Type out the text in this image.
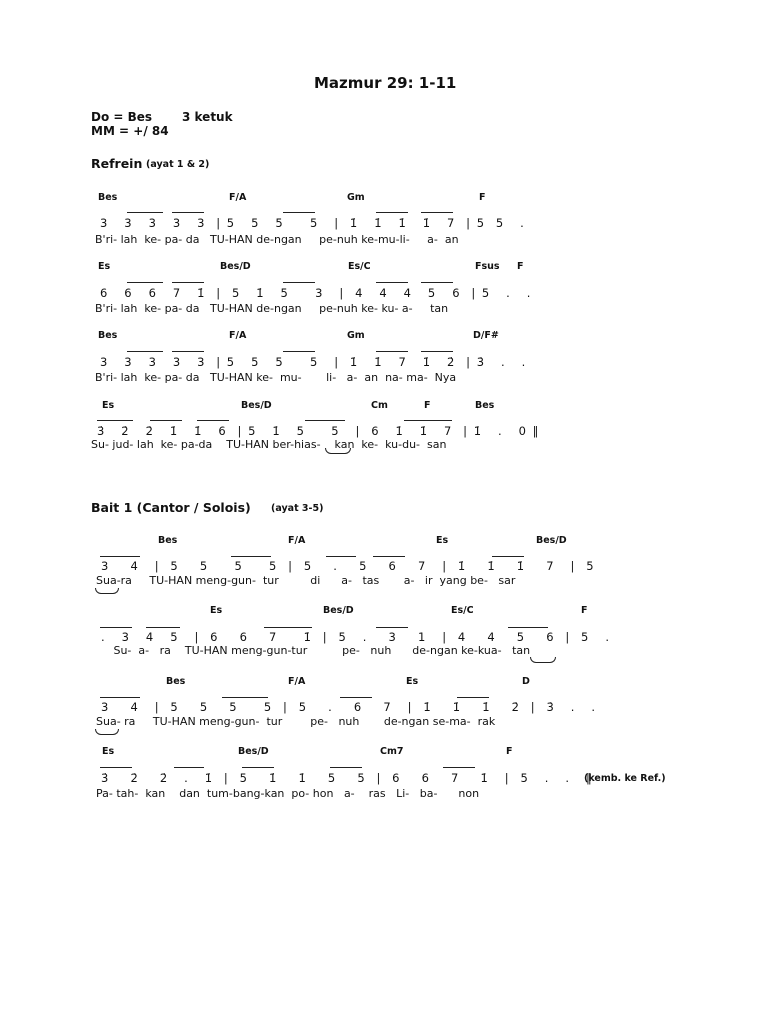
Mazmur 29: 1-11
Do = Bes 3 ketuk
MM = +/ 84
Refrein (ayat 1 & 2)
Bes	F/A	Gm	F
3   3   3   3   3  | 5   5   5     5   |  1̇   1̇   1̇   1̇   7  | 5  5   .
B'ri- lah  ke- pa- da   TU-HAN de-ngan     pe-nuh ke-mu-li-     a-  an
Es	Bes/D	Es/C	Fsus F
6   6   6   7   1̇  |  5   1̇   5     3   |  4   4   4   5   6  | 5   .   .
B'ri- lah  ke- pa- da   TU-HAN de-ngan     pe-nuh ke- ku- a-     tan
Bes	F/A	Gm	D/F#
3   3   3   3   3  | 5   5   5     5   |  1̇   1̇   7   1̇   2̇  | 3̇   .   .
B'ri- lah  ke- pa- da   TU-HAN ke-  mu-       li-   a-  an  na- ma-  Nya
Es	Bes/D	Cm	F	Bes
3̇   2̇   2̇   1̇   1̇   6  | 5   1̇   5     5   |  6   1̇   1̇   7  | 1̇   .   0 ‖
Su- jud- lah  ke- pa-da    TU-HAN ber-hias-    kan  ke-  ku-du-  san
Bait 1 (Cantor / Solois) (ayat 3-5)
Bes	F/A	Es	Bes/D
3    4   |  5    5     5     5  |  5    .    5    6    7   |  1̇    1̇    1̇    7   |  5
Sua-ra     TU-HAN meng-gun-  tur         di      a-   tas       a-   ir  yang be-   sar
Es	Bes/D	Es/C	F
.   3   4   5   |  6    6    7     1̇  |  5   .    3    1   |  4    4    5    6  |  5   .
Su-  a-   ra    TU-HAN meng-gun-tur          pe-   nuh      de-ngan ke-kua-   tan
Bes	F/A	Es	D
3    4   |  5    5    5     5  |  5    .    6    7   |  1̇    1̇    1̇    2̇  |  3̇   .   .
Sua- ra     TU-HAN meng-gun-  tur        pe-   nuh       de-ngan se-ma-  rak
Es	Bes/D	Cm7	F
3̇    2̇    2̇   .   1̇  |  5    1̇    1̇    5    5  |  6    6    7    1̇   |  5   .   .   ‖
(kemb. ke Ref.)
Pa- tah-  kan    dan  tum-bang-kan  po- hon   a-    ras   Li-   ba-      non
